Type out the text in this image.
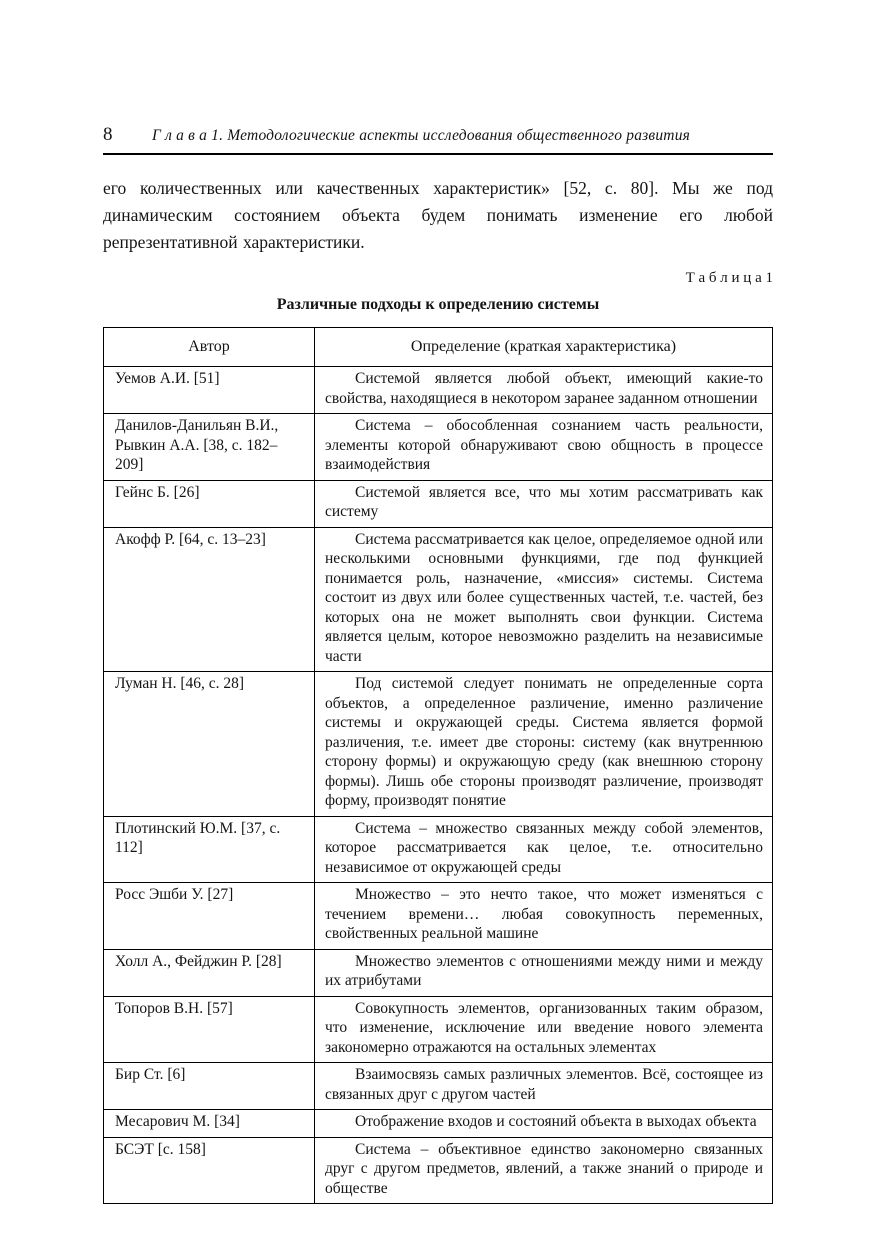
8	Г л а в а 1. Методологические аспекты исследования общественного развития

его количественных или качественных характеристик» [52, с. 80]. Мы же под динамическим состоянием объекта будем понимать изменение его любой репрезентативной характеристики.

Т а б л и ц а 1
Различные подходы к определению системы
Автор	Определение (краткая характеристика)
Уемов А.И. [51]	Системой является любой объект, имеющий какие-то свойства, находящиеся в некотором заранее заданном отношении
Данилов-Данильян В.И., Рывкин А.А. [38, с. 182–209]	Система – обособленная сознанием часть реальности, элементы которой обнаруживают свою общность в процессе взаимодействия
Гейнс Б. [26]	Системой является все, что мы хотим рассматривать как систему
Акофф Р. [64, с. 13–23]	Система рассматривается как целое, определяемое одной или несколькими основными функциями, где под функцией понимается роль, назначение, «миссия» системы. Система состоит из двух или более существенных частей, т.е. частей, без которых она не может выполнять свои функции. Система является целым, которое невозможно разделить на независимые части
Луман Н. [46, с. 28]	Под системой следует понимать не определенные сорта объектов, а определенное различение, именно различение системы и окружающей среды. Система является формой различения, т.е. имеет две стороны: систему (как внутреннюю сторону формы) и окружающую среду (как внешнюю сторону формы). Лишь обе стороны производят различение, производят форму, производят понятие
Плотинский Ю.М. [37, с. 112]	Система – множество связанных между собой элементов, которое рассматривается как целое, т.е. относительно независимое от окружающей среды
Росс Эшби У. [27]	Множество – это нечто такое, что может изменяться с течением времени… любая совокупность переменных, свойственных реальной машине
Холл А., Фейджин Р. [28]	Множество элементов с отношениями между ними и между их атрибутами
Топоров В.Н. [57]	Совокупность элементов, организованных таким образом, что изменение, исключение или введение нового элемента закономерно отражаются на остальных элементах
Бир Ст. [6]	Взаимосвязь самых различных элементов. Всё, состоящее из связанных друг с другом частей
Месарович М. [34]	Отображение входов и состояний объекта в выходах объекта
БСЭТ [с. 158]	Система – объективное единство закономерно связанных друг с другом предметов, явлений, а также знаний о природе и обществе
